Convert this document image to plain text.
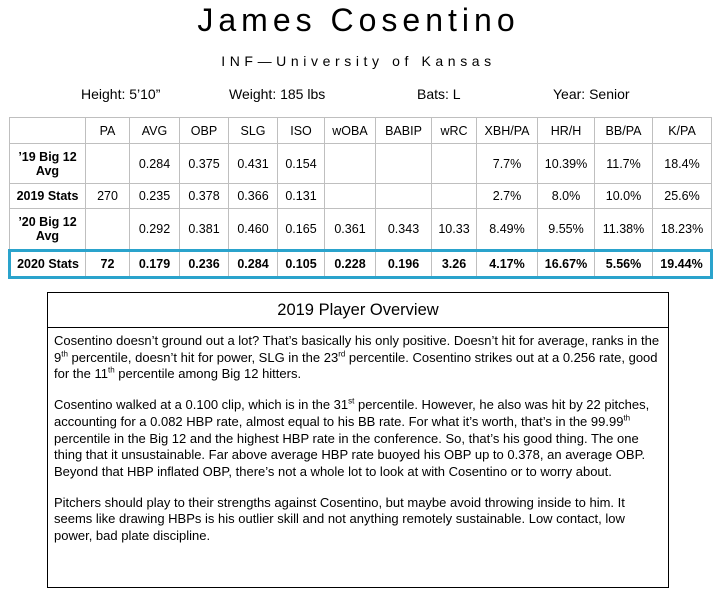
James Cosentino
INF—University of Kansas
Height: 5’10”	Weight: 185 lbs	Bats: L	Year: Senior
	PA	AVG	OBP	SLG	ISO	wOBA	BABIP	wRC	XBH/PA	HR/H	BB/PA	K/PA
’19 Big 12 Avg		0.284	0.375	0.431	0.154				7.7%	10.39%	11.7%	18.4%
2019 Stats	270	0.235	0.378	0.366	0.131				2.7%	8.0%	10.0%	25.6%
’20 Big 12 Avg		0.292	0.381	0.460	0.165	0.361	0.343	10.33	8.49%	9.55%	11.38%	18.23%
2020 Stats	72	0.179	0.236	0.284	0.105	0.228	0.196	3.26	4.17%	16.67%	5.56%	19.44%
2019 Player Overview

Cosentino doesn’t ground out a lot? That’s basically his only positive. Doesn’t hit for average, ranks in the 9th percentile, doesn’t hit for power, SLG in the 23rd percentile. Cosentino strikes out at a 0.256 rate, good for the 11th percentile among Big 12 hitters.

Cosentino walked at a 0.100 clip, which is in the 31st percentile. However, he also was hit by 22 pitches, accounting for a 0.082 HBP rate, almost equal to his BB rate. For what it’s worth, that’s in the 99.99th percentile in the Big 12 and the highest HBP rate in the conference. So, that’s his good thing. The one thing that it unsustainable. Far above average HBP rate buoyed his OBP up to 0.378, an average OBP. Beyond that HBP inflated OBP, there’s not a whole lot to look at with Cosentino or to worry about.

Pitchers should play to their strengths against Cosentino, but maybe avoid throwing inside to him. It seems like drawing HBPs is his outlier skill and not anything remotely sustainable. Low contact, low power, bad plate discipline.
